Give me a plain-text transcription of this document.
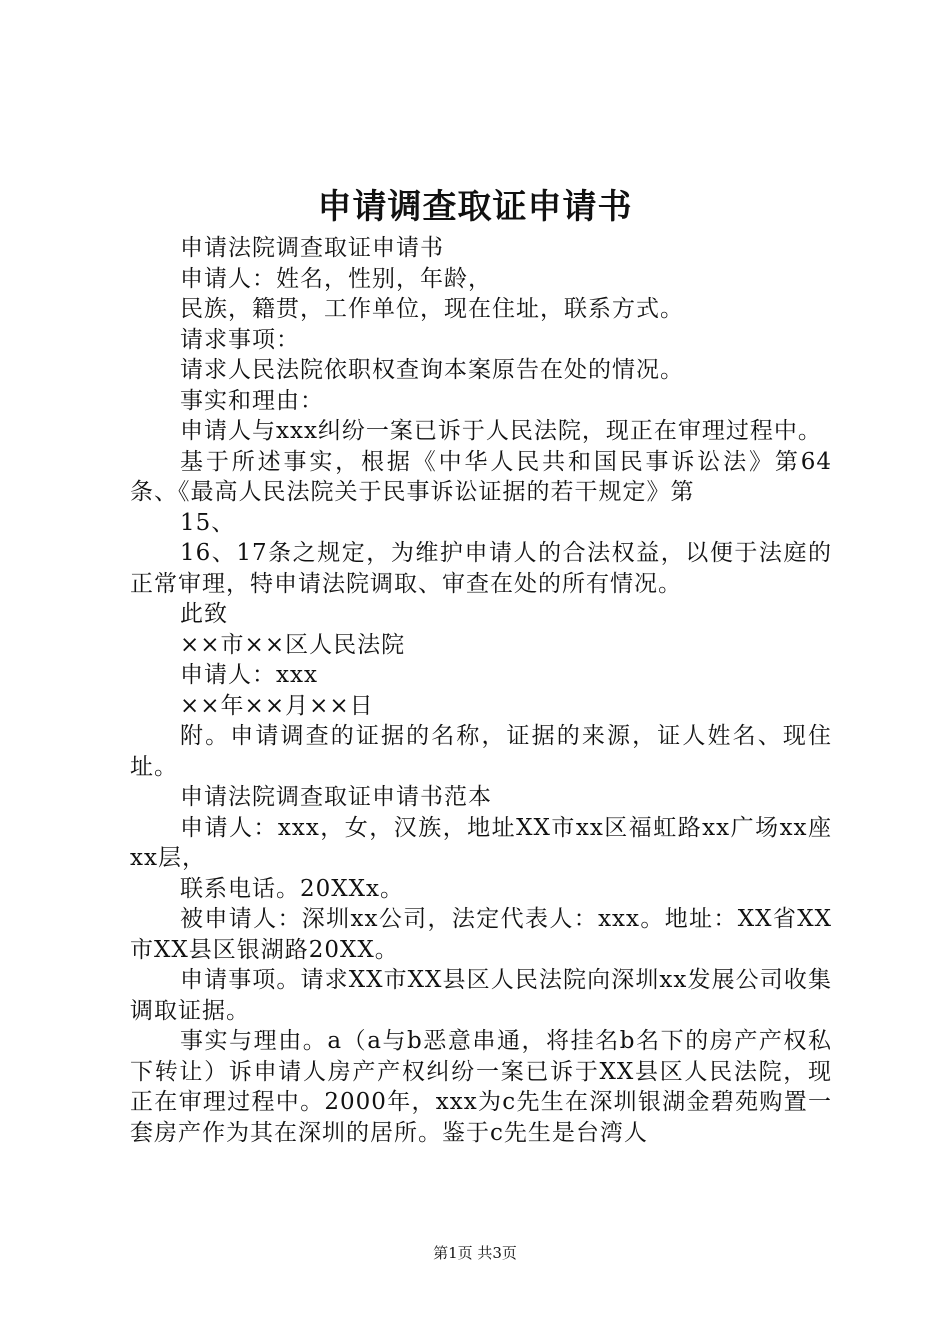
申请调查取证申请书

申请法院调查取证申请书

申请人：姓名，性别，年龄，

民族，籍贯，工作单位，现在住址，联系方式。

请求事项：

请求人民法院依职权查询本案原告在处的情况。

事实和理由：

申请人与xxx纠纷一案已诉于人民法院，现正在审理过程中。

基于所述事实，根据《中华人民共和国民事诉讼法》第64条、《最高人民法院关于民事诉讼证据的若干规定》第

15、

16、17条之规定，为维护申请人的合法权益，以便于法庭的正常审理，特申请法院调取、审查在处的所有情况。

此致

××市××区人民法院

申请人：xxx

××年××月××日

附。申请调查的证据的名称，证据的来源，证人姓名、现住址。

申请法院调查取证申请书范本

申请人：xxx，女，汉族，地址XX市xx区福虹路xx广场xx座xx层，

联系电话。20XXx。

被申请人：深圳xx公司，法定代表人：xxx。地址：XX省XX市XX县区银湖路20XX。

申请事项。请求XX市XX县区人民法院向深圳xx发展公司收集调取证据。

事实与理由。a（a与b恶意串通，将挂名b名下的房产产权私下转让）诉申请人房产产权纠纷一案已诉于XX县区人民法院，现正在审理过程中。2000年，xxx为c先生在深圳银湖金碧苑购置一套房产作为其在深圳的居所。鉴于c先生是台湾人

第1页 共3页
